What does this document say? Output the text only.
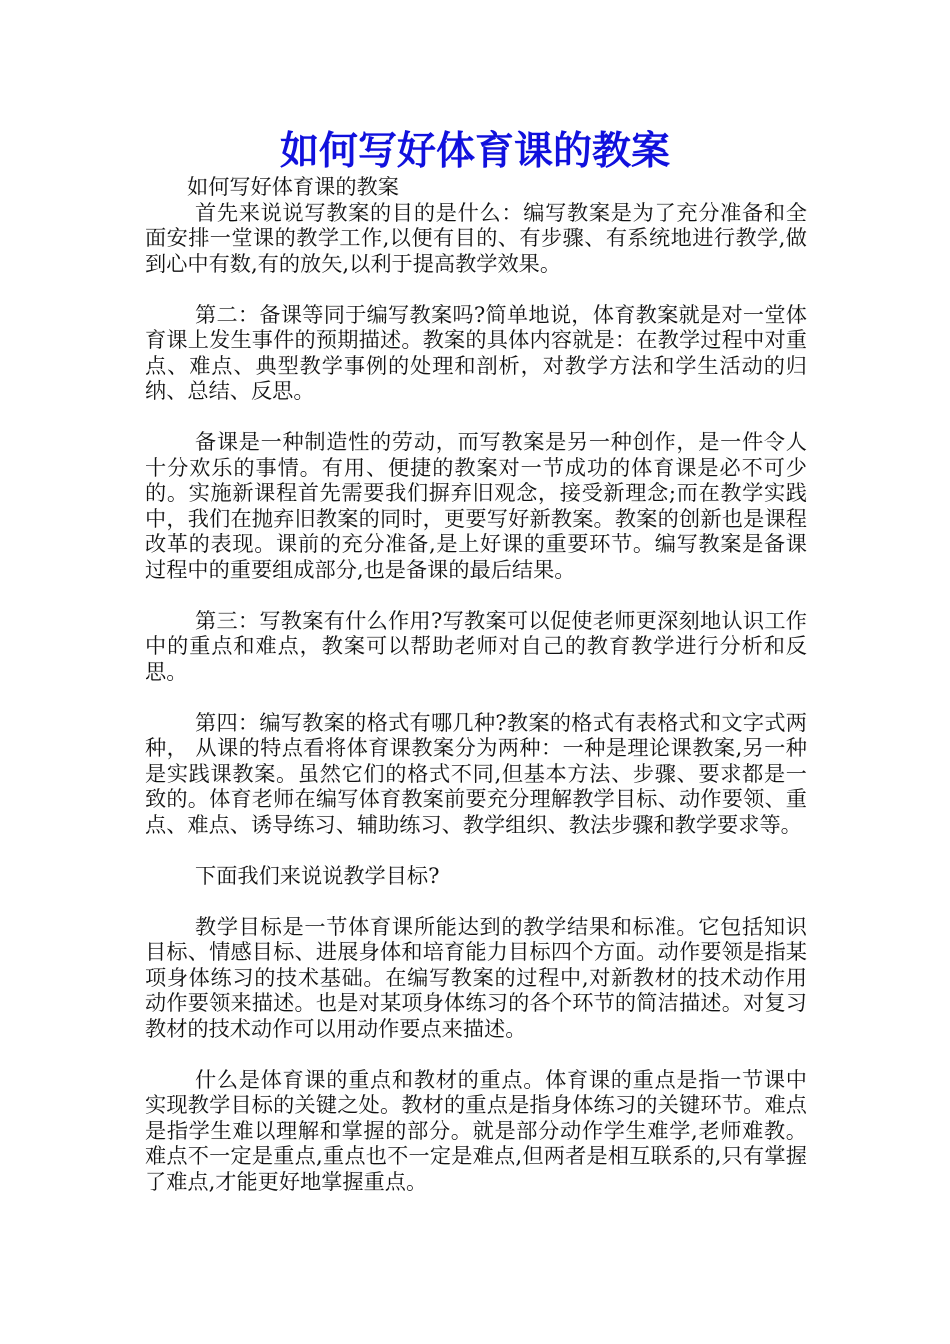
如何写好体育课的教案

如何写好体育课的教案

首先来说说写教案的目的是什么：编写教案是为了充分准备和全面安排一堂课的教学工作,以便有目的、有步骤、有系统地进行教学,做到心中有数,有的放矢,以利于提高教学效果。

第二：备课等同于编写教案吗?简单地说，体育教案就是对一堂体育课上发生事件的预期描述。教案的具体内容就是：在教学过程中对重点、难点、典型教学事例的处理和剖析，对教学方法和学生活动的归纳、总结、反思。

备课是一种制造性的劳动，而写教案是另一种创作，是一件令人十分欢乐的事情。有用、便捷的教案对一节成功的体育课是必不可少的。实施新课程首先需要我们摒弃旧观念，接受新理念;而在教学实践中，我们在抛弃旧教案的同时，更要写好新教案。教案的创新也是课程改革的表现。课前的充分准备,是上好课的重要环节。编写教案是备课过程中的重要组成部分,也是备课的最后结果。

第三：写教案有什么作用?写教案可以促使老师更深刻地认识工作中的重点和难点，教案可以帮助老师对自己的教育教学进行分析和反思。

第四：编写教案的格式有哪几种?教案的格式有表格式和文字式两种， 从课的特点看将体育课教案分为两种：一种是理论课教案,另一种是实践课教案。虽然它们的格式不同,但基本方法、步骤、要求都是一致的。体育老师在编写体育教案前要充分理解教学目标、动作要领、重点、难点、诱导练习、辅助练习、教学组织、教法步骤和教学要求等。

下面我们来说说教学目标?

教学目标是一节体育课所能达到的教学结果和标准。它包括知识目标、情感目标、进展身体和培育能力目标四个方面。动作要领是指某项身体练习的技术基础。在编写教案的过程中,对新教材的技术动作用动作要领来描述。也是对某项身体练习的各个环节的简洁描述。对复习教材的技术动作可以用动作要点来描述。

什么是体育课的重点和教材的重点。体育课的重点是指一节课中实现教学目标的关键之处。教材的重点是指身体练习的关键环节。难点是指学生难以理解和掌握的部分。就是部分动作学生难学,老师难教。难点不一定是重点,重点也不一定是难点,但两者是相互联系的,只有掌握了难点,才能更好地掌握重点。
